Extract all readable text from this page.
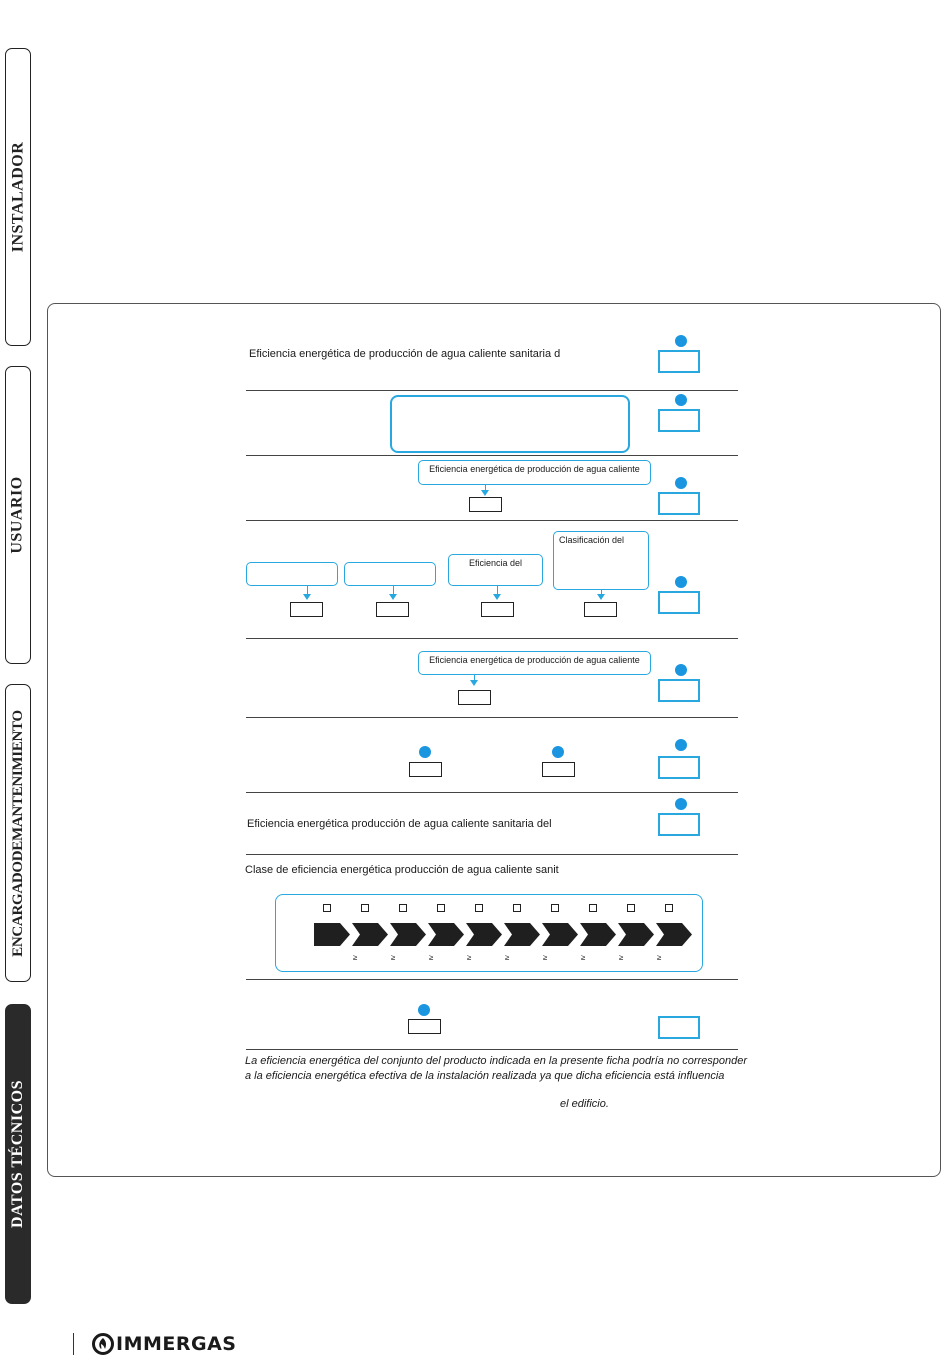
INSTALADOR
USUARIO
ENCARGADODEMANTENIMIENTO
DATOS TÉCNICOS
Eficiencia energética de producción de agua caliente sanitaria d
Eficiencia energética de producción de agua caliente
Eficiencia del
Clasificación del
Eficiencia energética de producción de agua caliente
Eficiencia energética producción de agua caliente sanitaria del
Clase de eficiencia energética producción de agua caliente sanit
≥	≥	≥	≥	≥	≥	≥	≥	≥
La eficiencia energética del conjunto del producto indicada en la presente ficha podría no corresponder
a la eficiencia energética efectiva de la instalación realizada ya que dicha eficiencia está influencia
el edificio.
IMMERGAS
